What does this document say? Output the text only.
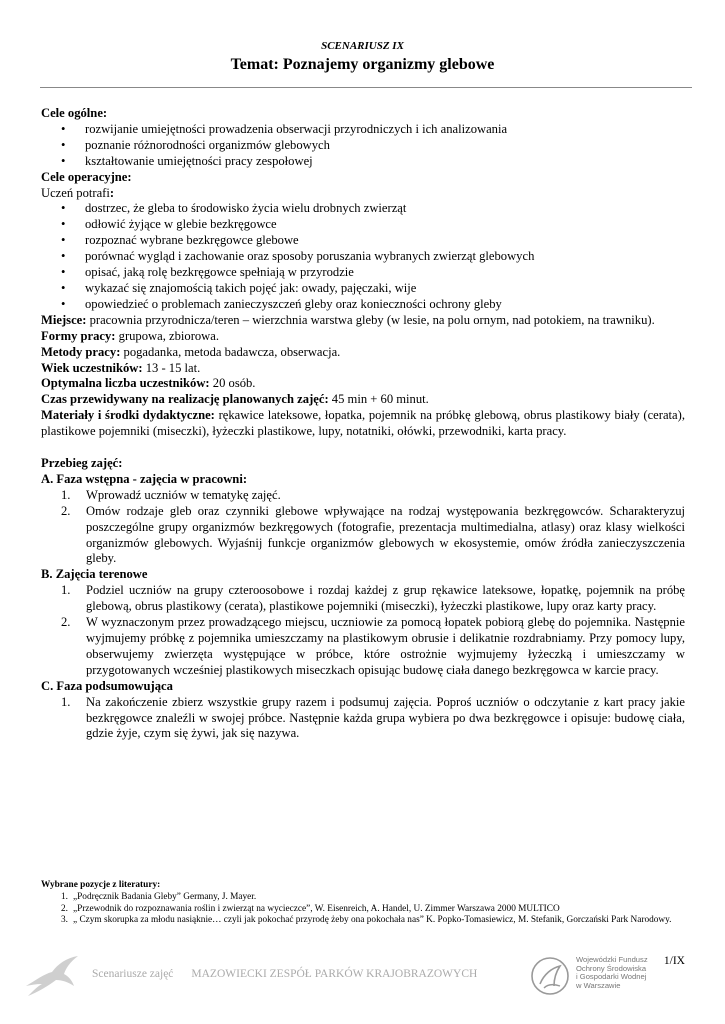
SCENARIUSZ IX
Temat: Poznajemy organizmy glebowe

Cele ogólne:

• rozwijanie umiejętności prowadzenia obserwacji przyrodniczych i ich analizowania
• poznanie różnorodności organizmów glebowych
• kształtowanie umiejętności pracy zespołowej

Cele operacyjne:

Uczeń potrafi:

• dostrzec, że gleba to środowisko życia wielu drobnych zwierząt
• odłowić żyjące w glebie bezkręgowce
• rozpoznać wybrane bezkręgowce glebowe
• porównać wygląd i zachowanie oraz sposoby poruszania wybranych zwierząt glebowych
• opisać, jaką rolę bezkręgowce spełniają w przyrodzie
• wykazać się znajomością takich pojęć jak: owady, pajęczaki, wije
• opowiedzieć o problemach zanieczyszczeń gleby oraz konieczności ochrony gleby

Miejsce: pracownia przyrodnicza/teren – wierzchnia warstwa gleby (w lesie, na polu ornym, nad potokiem, na trawniku).

Formy pracy: grupowa, zbiorowa.

Metody pracy: pogadanka, metoda badawcza, obserwacja.

Wiek uczestników: 13 - 15 lat.

Optymalna liczba uczestników: 20 osób.

Czas przewidywany na realizację planowanych zajęć: 45 min + 60 minut.

Materiały i środki dydaktyczne: rękawice lateksowe, łopatka, pojemnik na próbkę glebową, obrus plastikowy biały (cerata), plastikowe pojemniki (miseczki), łyżeczki plastikowe, lupy, notatniki, ołówki, przewodniki, karta pracy.

Przebieg zajęć:

A. Faza wstępna - zajęcia w pracowni:

1. Wprowadź uczniów w tematykę zajęć.
2. Omów rodzaje gleb oraz czynniki glebowe wpływające na rodzaj występowania bezkręgowców. Scharakteryzuj poszczególne grupy organizmów bezkręgowych (fotografie, prezentacja multimedialna, atlasy) oraz klasy wielkości organizmów glebowych. Wyjaśnij funkcje organizmów glebowych w ekosystemie, omów źródła zanieczyszczenia gleby.

B. Zajęcia terenowe

1. Podziel uczniów na grupy czteroosobowe i rozdaj każdej z grup rękawice lateksowe, łopatkę, pojemnik na próbę glebową, obrus plastikowy (cerata), plastikowe pojemniki (miseczki), łyżeczki plastikowe, lupy oraz karty pracy.
2. W wyznaczonym przez prowadzącego miejscu, uczniowie za pomocą łopatek pobiorą glebę do pojemnika. Następnie wyjmujemy próbkę z pojemnika umieszczamy na plastikowym obrusie i delikatnie rozdrabniamy. Przy pomocy lupy, obserwujemy zwierzęta występujące w próbce, które ostrożnie wyjmujemy łyżeczką i umieszczamy w przygotowanych wcześniej plastikowych miseczkach opisując budowę ciała danego bezkręgowca w karcie pracy.

C. Faza podsumowująca

1. Na zakończenie zbierz wszystkie grupy razem i podsumuj zajęcia. Poproś uczniów o odczytanie z kart pracy jakie bezkręgowce znaleźli w swojej próbce. Następnie każda grupa wybiera po dwa bezkręgowce i opisuje: budowę ciała, gdzie żyje, czym się żywi, jak się nazywa.
Wybrane pozycje z literatury:
1. „Podręcznik Badania Gleby” Germany, J. Mayer.
2. „Przewodnik do rozpoznawania roślin i zwierząt na wycieczce”, W. Eisenreich, A. Handel, U. Zimmer Warszawa 2000 MULTICO
3. „ Czym skorupka za młodu nasiąknie… czyli jak pokochać przyrodę żeby ona pokochała nas” K. Popko-Tomasiewicz, M. Stefanik, Gorczański Park Narodowy.
1/IX
Scenariusze zajęć MAZOWIECKI ZESPÓŁ PARKÓW KRAJOBRAZOWYCH
Wojewódzki Fundusz
Ochrony Środowiska
i Gospodarki Wodnej
w Warszawie
